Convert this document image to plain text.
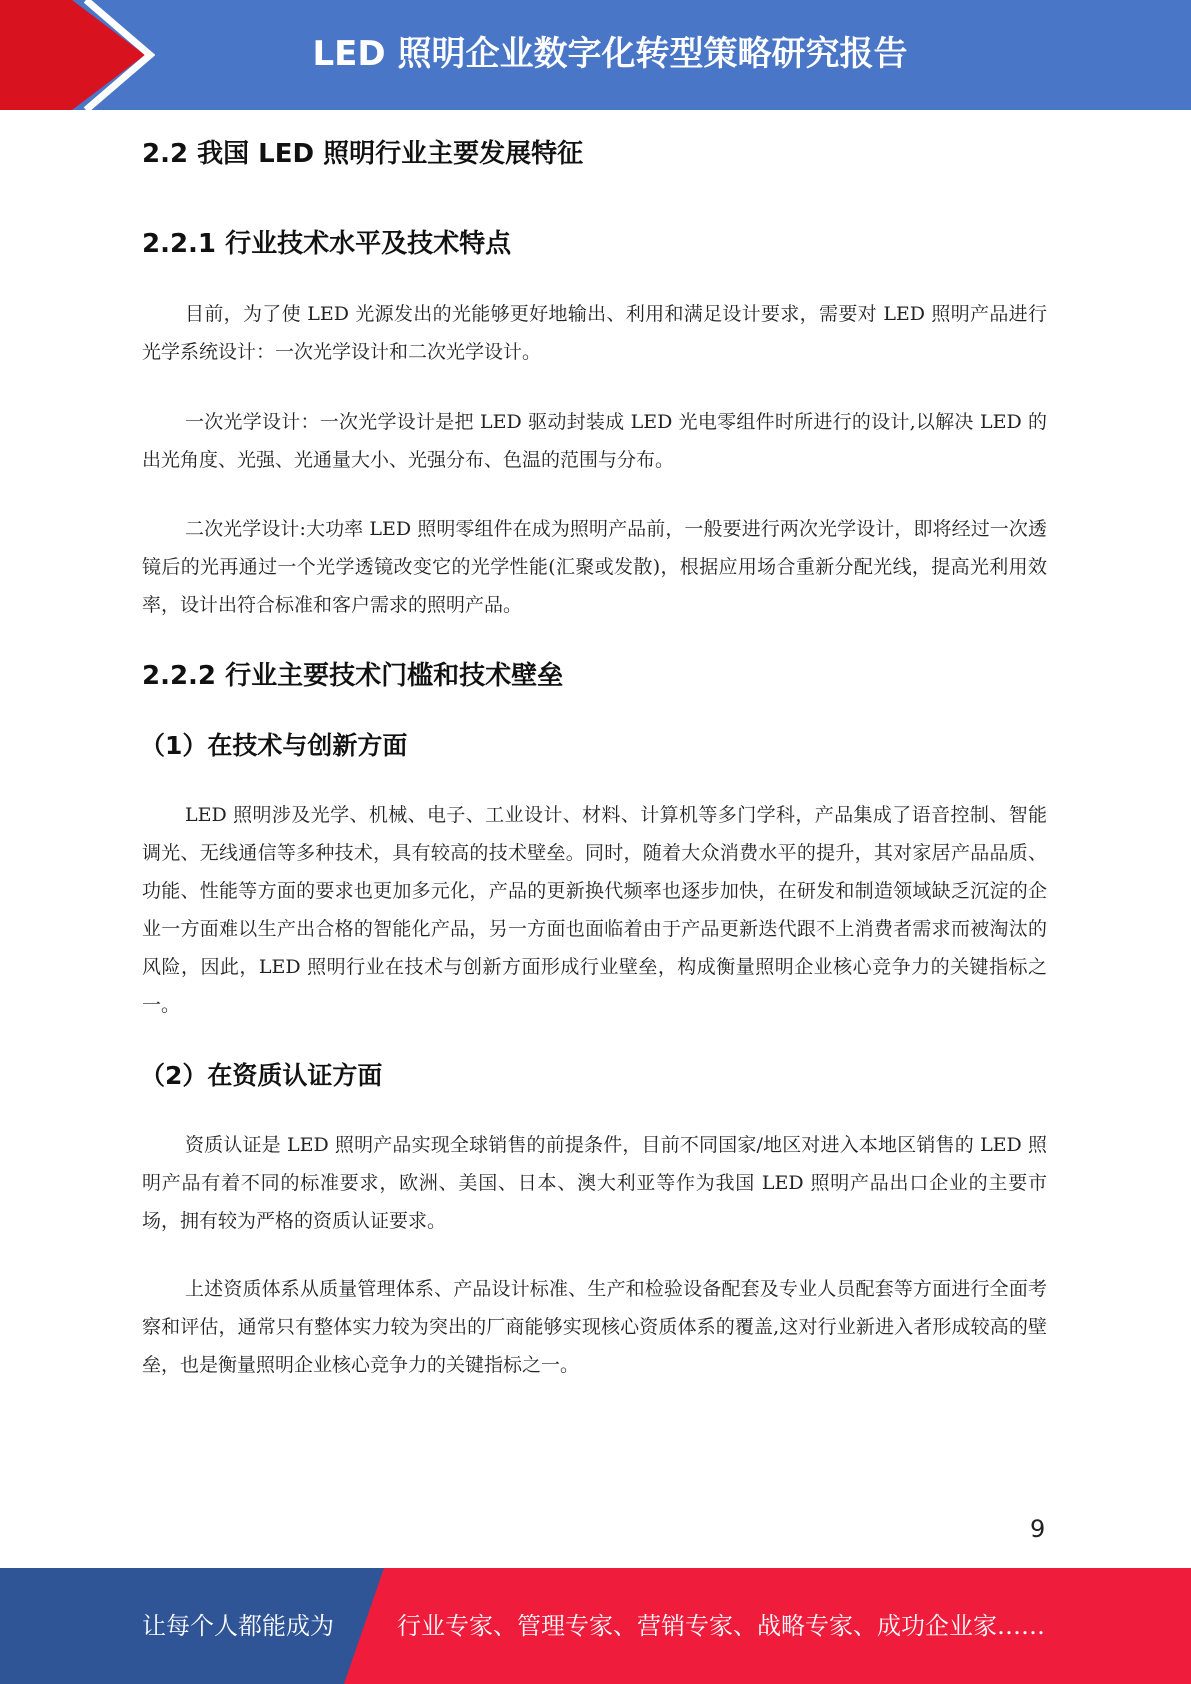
LED 照明企业数字化转型策略研究报告
2.2 我国 LED 照明行业主要发展特征
2.2.1 行业技术水平及技术特点

目前，为了使 LED 光源发出的光能够更好地输出、利用和满足设计要求，需要对 LED 照明产品进行光学系统设计：一次光学设计和二次光学设计。

一次光学设计：一次光学设计是把 LED 驱动封装成 LED 光电零组件时所进行的设计,以解决 LED 的出光角度、光强、光通量大小、光强分布、色温的范围与分布。

二次光学设计:大功率 LED 照明零组件在成为照明产品前，一般要进行两次光学设计，即将经过一次透镜后的光再通过一个光学透镜改变它的光学性能(汇聚或发散)，根据应用场合重新分配光线，提高光利用效率，设计出符合标准和客户需求的照明产品。

2.2.2 行业主要技术门槛和技术壁垒
（1）在技术与创新方面

LED 照明涉及光学、机械、电子、工业设计、材料、计算机等多门学科，产品集成了语音控制、智能调光、无线通信等多种技术，具有较高的技术壁垒。同时，随着大众消费水平的提升，其对家居产品品质、功能、性能等方面的要求也更加多元化，产品的更新换代频率也逐步加快，在研发和制造领域缺乏沉淀的企业一方面难以生产出合格的智能化产品，另一方面也面临着由于产品更新迭代跟不上消费者需求而被淘汰的风险，因此，LED 照明行业在技术与创新方面形成行业壁垒，构成衡量照明企业核心竞争力的关键指标之一。

（2）在资质认证方面

资质认证是 LED 照明产品实现全球销售的前提条件，目前不同国家/地区对进入本地区销售的 LED 照明产品有着不同的标准要求，欧洲、美国、日本、澳大利亚等作为我国 LED 照明产品出口企业的主要市场，拥有较为严格的资质认证要求。

上述资质体系从质量管理体系、产品设计标准、生产和检验设备配套及专业人员配套等方面进行全面考察和评估，通常只有整体实力较为突出的厂商能够实现核心资质体系的覆盖,这对行业新进入者形成较高的壁垒，也是衡量照明企业核心竞争力的关键指标之一。

9
让每个人都能成为	行业专家、管理专家、营销专家、战略专家、成功企业家……
